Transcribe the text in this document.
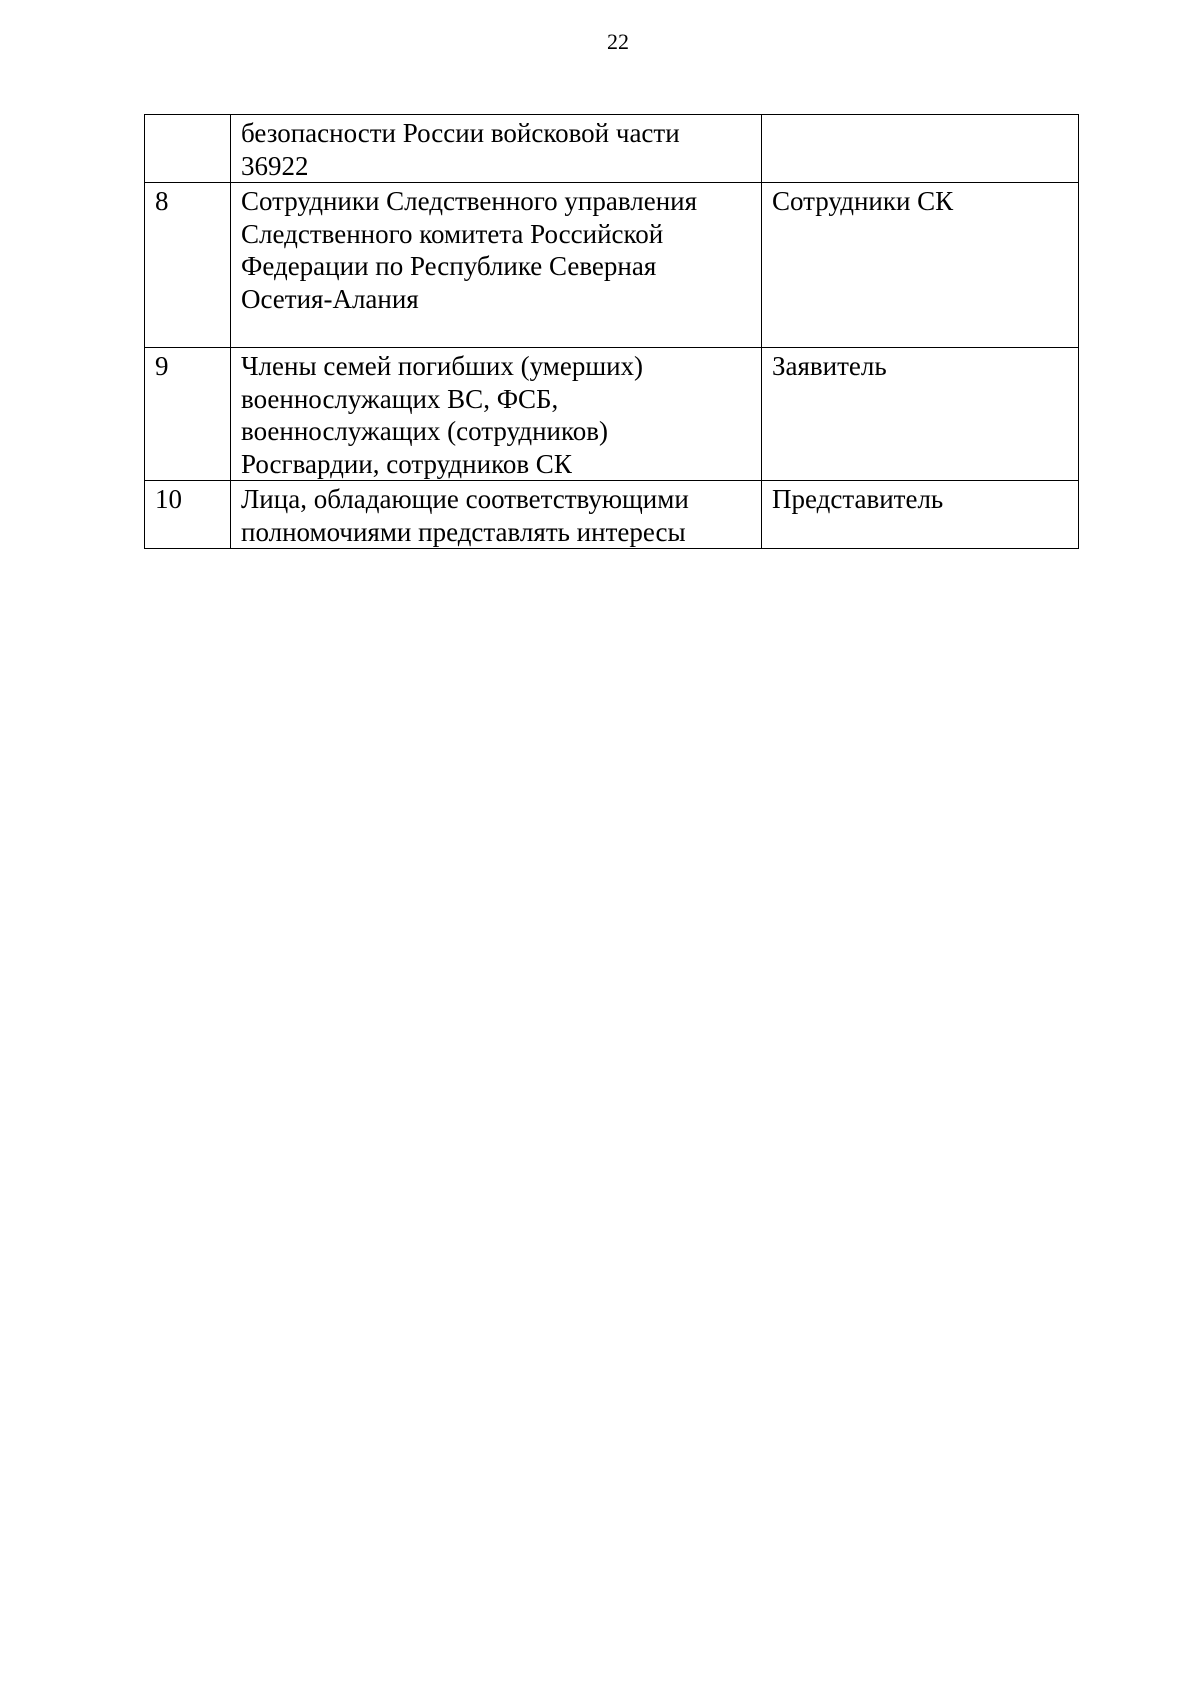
22

	безопасности России войсковой части
36922	

8	Сотрудники Следственного управления
Следственного комитета Российской
Федерации по Республике Северная
Осетия-Алания	Сотрудники СК
9	Члены семей погибших (умерших)
военнослужащих ВС, ФСБ,
военнослужащих (сотрудников)
Росгвардии, сотрудников СК	Заявитель
10	Лица, обладающие соответствующими
полномочиями представлять интересы	Представитель
